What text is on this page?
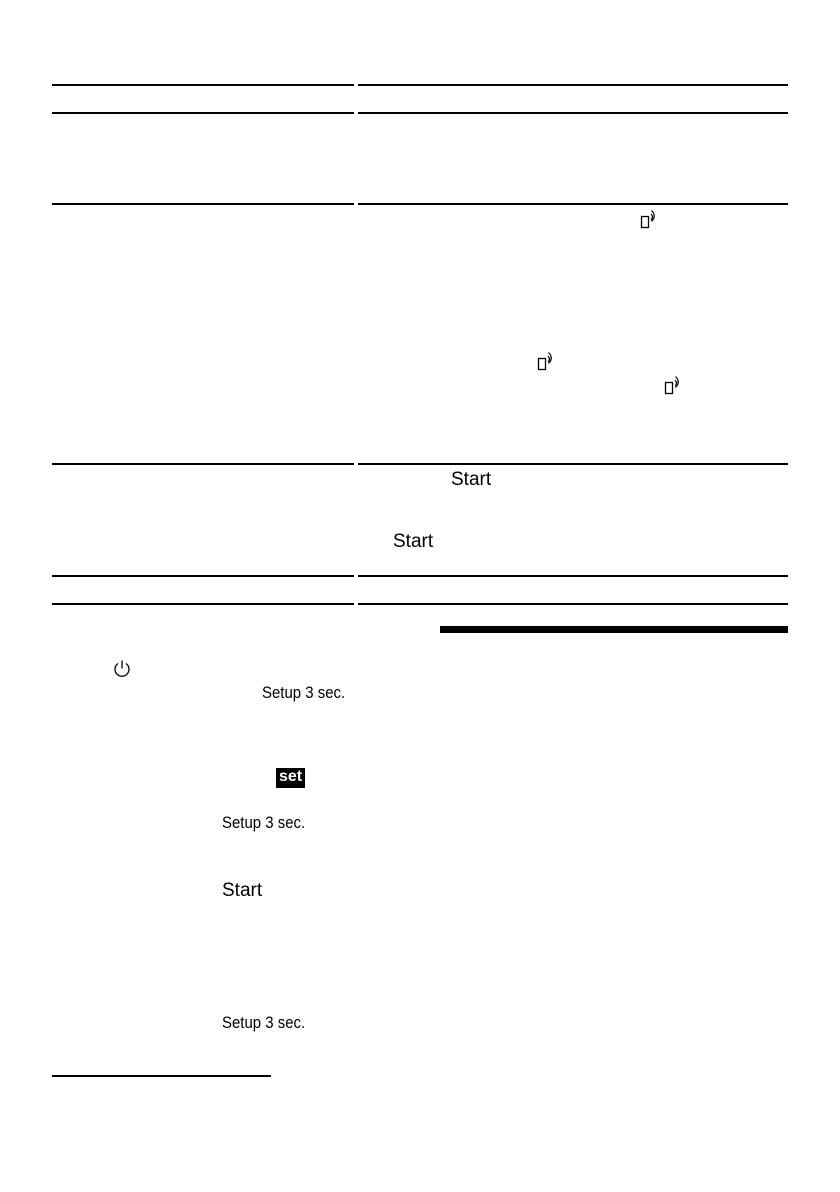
Start
Start
Setup 3 sec.
set
Setup 3 sec.
Start
Setup 3 sec.
